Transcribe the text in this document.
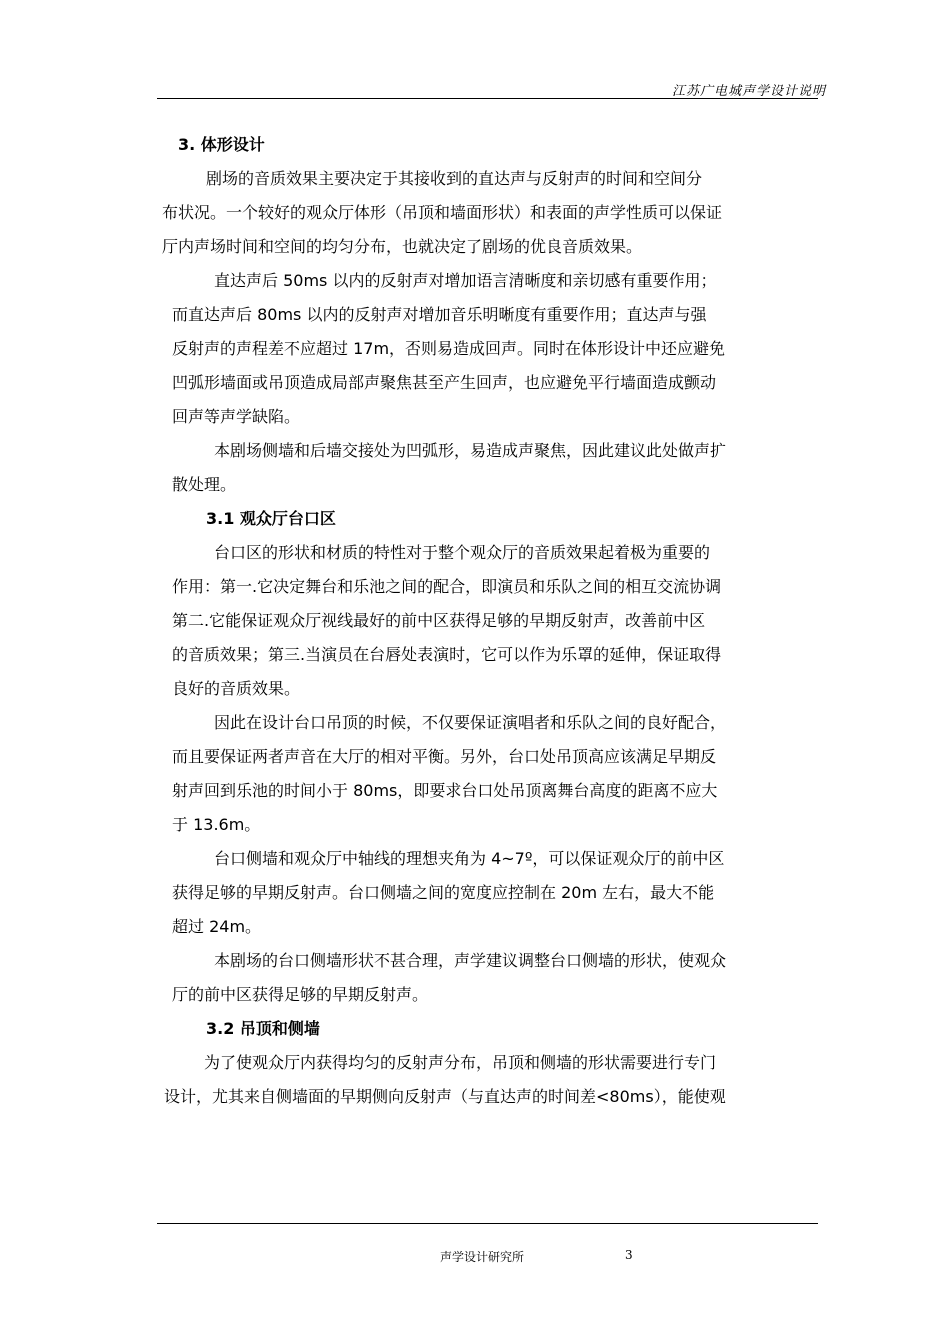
江苏广电城声学设计说明
3. 体形设计

剧场的音质效果主要决定于其接收到的直达声与反射声的时间和空间分
布状况。一个较好的观众厅体形（吊顶和墙面形状）和表面的声学性质可以保证
厅内声场时间和空间的均匀分布，也就决定了剧场的优良音质效果。

直达声后 50ms 以内的反射声对增加语言清晰度和亲切感有重要作用；
而直达声后 80ms 以内的反射声对增加音乐明晰度有重要作用；直达声与强
反射声的声程差不应超过 17m，否则易造成回声。同时在体形设计中还应避免
凹弧形墙面或吊顶造成局部声聚焦甚至产生回声，也应避免平行墙面造成颤动
回声等声学缺陷。

本剧场侧墙和后墙交接处为凹弧形，易造成声聚焦，因此建议此处做声扩
散处理。

3.1 观众厅台口区

台口区的形状和材质的特性对于整个观众厅的音质效果起着极为重要的
作用：第一.它决定舞台和乐池之间的配合，即演员和乐队之间的相互交流协调
第二.它能保证观众厅视线最好的前中区获得足够的早期反射声，改善前中区
的音质效果；第三.当演员在台唇处表演时，它可以作为乐罩的延伸，保证取得
良好的音质效果。

因此在设计台口吊顶的时候，不仅要保证演唱者和乐队之间的良好配合，
而且要保证两者声音在大厅的相对平衡。另外，台口处吊顶高应该满足早期反
射声回到乐池的时间小于 80ms，即要求台口处吊顶离舞台高度的距离不应大
于 13.6m。

台口侧墙和观众厅中轴线的理想夹角为 4~7º，可以保证观众厅的前中区
获得足够的早期反射声。台口侧墙之间的宽度应控制在 20m 左右，最大不能
超过 24m。

本剧场的台口侧墙形状不甚合理，声学建议调整台口侧墙的形状，使观众
厅的前中区获得足够的早期反射声。

3.2 吊顶和侧墙

为了使观众厅内获得均匀的反射声分布，吊顶和侧墙的形状需要进行专门
设计，尤其来自侧墙面的早期侧向反射声（与直达声的时间差<80ms），能使观

声学设计研究所	3
